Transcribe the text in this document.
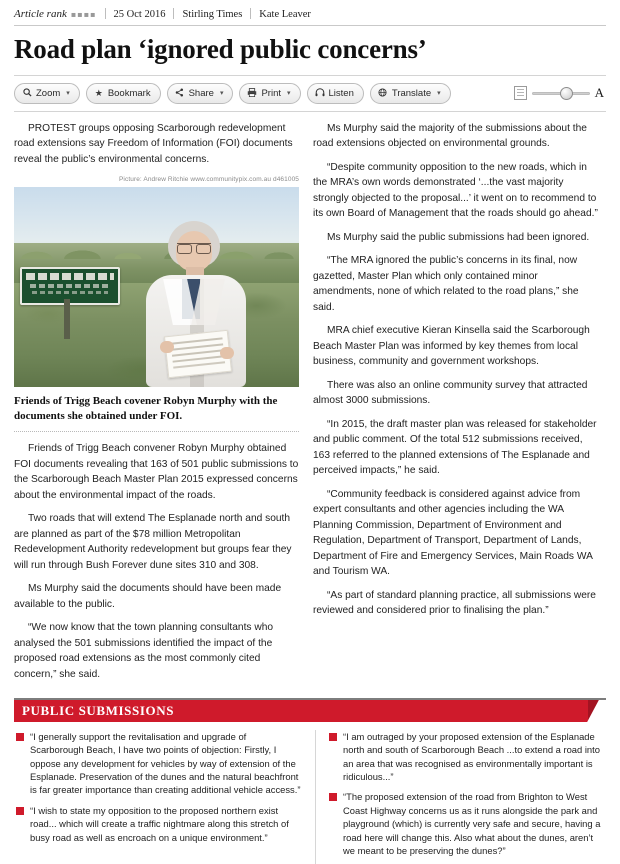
Article rank ▪▪▪▪	25 Oct 2016	Stirling Times	Kate Leaver
Road plan ‘ignored public concerns’
Zoom ▾	★ Bookmark	Share ▾	Print ▾	Listen	Translate ▾	A

PROTEST groups opposing Scarborough redevelopment road extensions say Freedom of Information (FOI) documents reveal the public’s environmental concerns.

Picture: Andrew Ritchie www.communitypix.com.au d461005
Friends of Trigg Beach covener Robyn Murphy with the documents she obtained under FOI.

Friends of Trigg Beach convener Robyn Murphy obtained FOI documents revealing that 163 of 501 public submissions to the Scarborough Beach Master Plan 2015 expressed concerns about the environmental impact of the roads.

Two roads that will extend The Esplanade north and south are planned as part of the $78 million Metropolitan Redevelopment Authority redevelopment but groups fear they will run through Bush Forever dune sites 310 and 308.

Ms Murphy said the documents should have been made available to the public.

“We now know that the town planning consultants who analysed the 501 submissions identified the impact of the proposed road extensions as the most commonly cited concern,” she said.

Ms Murphy said the majority of the submissions about the road extensions objected on environmental grounds.

“Despite community opposition to the new roads, which in the MRA’s own words demonstrated ‘...the vast majority strongly objected to the proposal...’ it went on to recommend to its own Board of Management that the roads should go ahead.”

Ms Murphy said the public submissions had been ignored.

“The MRA ignored the public’s concerns in its final, now gazetted, Master Plan which only contained minor amendments, none of which related to the road plans,” she said.

MRA chief executive Kieran Kinsella said the Scarborough Beach Master Plan was informed by key themes from local business, community and government workshops.

There was also an online community survey that attracted almost 3000 submissions.

“In 2015, the draft master plan was released for stakeholder and public comment. Of the total 512 submissions received, 163 referred to the planned extensions of The Esplanade and perceived impacts,” he said.

“Community feedback is considered against advice from expert consultants and other agencies including the WA Planning Commission, Department of Environment and Regulation, Department of Transport, Department of Lands, Department of Fire and Emergency Services, Main Roads WA and Tourism WA.

“As part of standard planning practice, all submissions were reviewed and considered prior to finalising the plan.”

PUBLIC SUBMISSIONS
“I generally support the revitalisation and upgrade of Scarborough Beach, I have two points of objection: Firstly, I oppose any development for vehicles by way of extension of the Esplanade. Preservation of the dunes and the natural beachfront is far greater importance than creating additional vehicle access.”
“I wish to state my opposition to the proposed northern exist road... which will create a traffic nightmare along this stretch of busy road as well as encroach on a unique environment.”
“I am outraged by your proposed extension of the Esplanade north and south of Scarborough Beach ...to extend a road into an area that was recognised as environmentally important is ridiculous...”
“The proposed extension of the road from Brighton to West Coast Highway concerns us as it runs alongside the park and playground (which) is currently very safe and secure, having a road here will change this. Also what about the dunes, aren’t we meant to be preserving the dunes?”
